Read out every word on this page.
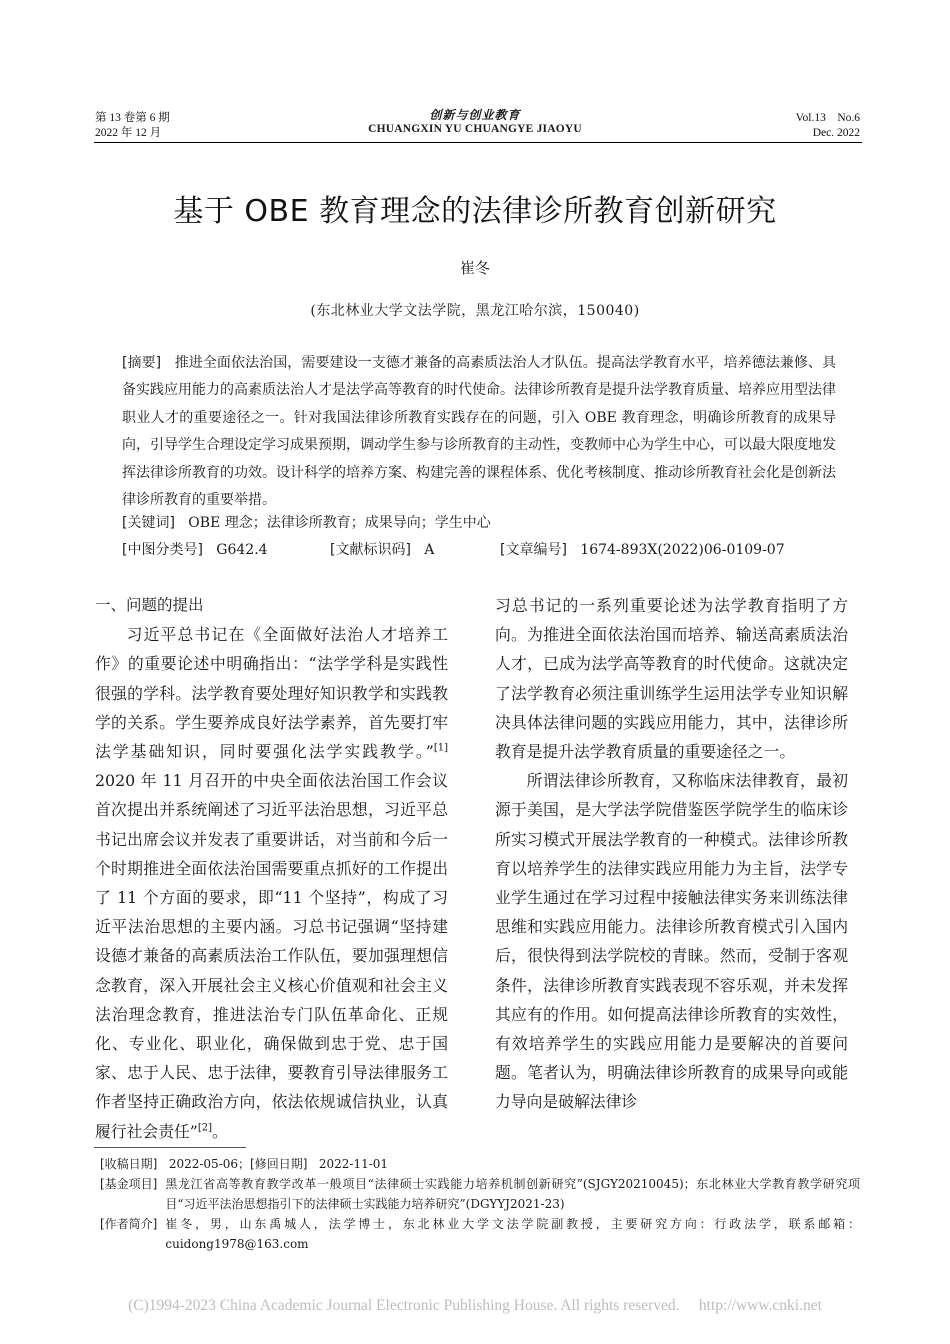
第 13 卷第 6 期
2022 年 12 月
创新与创业教育
CHUANGXIN YU CHUANGYE JIAOYU
Vol.13    No.6
Dec. 2022
基于 OBE 教育理念的法律诊所教育创新研究
崔冬
(东北林业大学文法学院，黑龙江哈尔滨，150040)

[摘要] 推进全面依法治国，需要建设一支德才兼备的高素质法治人才队伍。提高法学教育水平，培养德法兼修、具备实践应用能力的高素质法治人才是法学高等教育的时代使命。法律诊所教育是提升法学教育质量、培养应用型法律职业人才的重要途径之一。针对我国法律诊所教育实践存在的问题，引入 OBE 教育理念，明确诊所教育的成果导向，引导学生合理设定学习成果预期，调动学生参与诊所教育的主动性，变教师中心为学生中心，可以最大限度地发挥法律诊所教育的功效。设计科学的培养方案、构建完善的课程体系、优化考核制度、推动诊所教育社会化是创新法律诊所教育的重要举措。

[关键词] OBE 理念；法律诊所教育；成果导向；学生中心
[中图分类号] G642.4	[文献标识码] A	[文章编号] 1674-893X(2022)06-0109-07

一、问题的提出

习近平总书记在《全面做好法治人才培养工作》的重要论述中明确指出：“法学学科是实践性很强的学科。法学教育要处理好知识教学和实践教学的关系。学生要养成良好法学素养，首先要打牢法学基础知识，同时要强化法学实践教学。”[1] 2020 年 11 月召开的中央全面依法治国工作会议首次提出并系统阐述了习近平法治思想，习近平总书记出席会议并发表了重要讲话，对当前和今后一个时期推进全面依法治国需要重点抓好的工作提出了 11 个方面的要求，即“11 个坚持”，构成了习近平法治思想的主要内涵。习总书记强调“坚持建设德才兼备的高素质法治工作队伍，要加强理想信念教育，深入开展社会主义核心价值观和社会主义法治理念教育，推进法治专门队伍革命化、正规化、专业化、职业化，确保做到忠于党、忠于国家、忠于人民、忠于法律，要教育引导法律服务工作者坚持正确政治方向，依法依规诚信执业，认真履行社会责任”[2]。

习总书记的一系列重要论述为法学教育指明了方向。为推进全面依法治国而培养、输送高素质法治人才，已成为法学高等教育的时代使命。这就决定了法学教育必须注重训练学生运用法学专业知识解决具体法律问题的实践应用能力，其中，法律诊所教育是提升法学教育质量的重要途径之一。

所谓法律诊所教育，又称临床法律教育，最初源于美国，是大学法学院借鉴医学院学生的临床诊所实习模式开展法学教育的一种模式。法律诊所教育以培养学生的法律实践应用能力为主旨，法学专业学生通过在学习过程中接触法律实务来训练法律思维和实践应用能力。法律诊所教育模式引入国内后，很快得到法学院校的青睐。然而，受制于客观条件，法律诊所教育实践表现不容乐观，并未发挥其应有的作用。如何提高法律诊所教育的实效性，有效培养学生的实践应用能力是要解决的首要问题。笔者认为，明确法律诊所教育的成果导向或能力导向是破解法律诊

[收稿日期] 2022-05-06；[修回日期] 2022-11-01
[基金项目] 黑龙江省高等教育教学改革一般项目“法律硕士实践能力培养机制创新研究”(SJGY20210045)；东北林业大学教育教学研究项目“习近平法治思想指引下的法律硕士实践能力培养研究”(DGYYJ2021-23)
[作者简介] 崔冬，男，山东禹城人，法学博士，东北林业大学文法学院副教授，主要研究方向：行政法学，联系邮箱：cuidong1978@163.com
(C)1994-2023 China Academic Journal Electronic Publishing House. All rights reserved.     http://www.cnki.net
